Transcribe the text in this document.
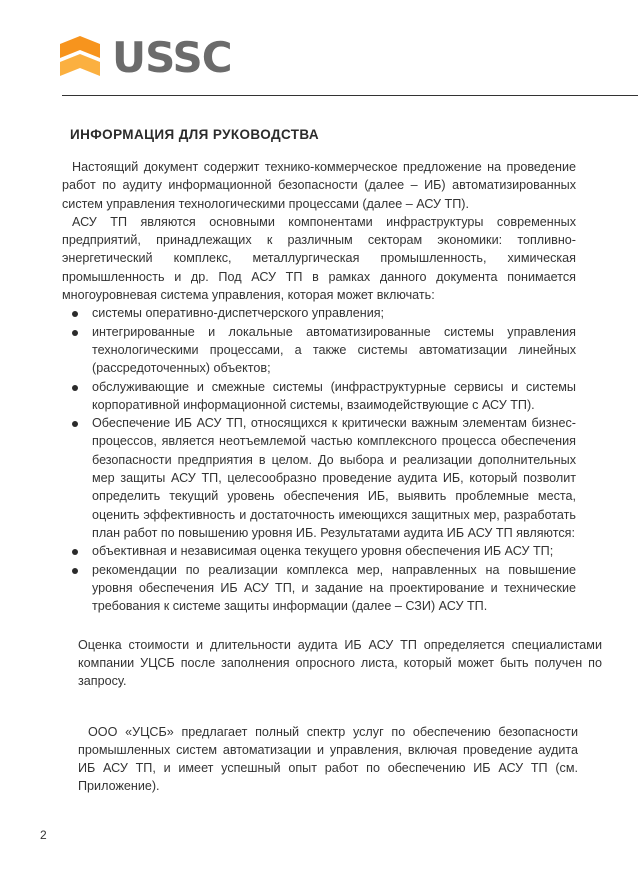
USSC
ИНФОРМАЦИЯ ДЛЯ РУКОВОДСТВА

Настоящий документ содержит технико-коммерческое предложение на проведение работ по аудиту информационной безопасности (далее – ИБ) автоматизированных систем управления технологическими процессами (далее – АСУ ТП).

АСУ ТП являются основными компонентами инфраструктуры современных предприятий, принадлежащих к различным секторам экономики: топливно-энергетический комплекс, металлургическая промышленность, химическая промышленность и др. Под АСУ ТП в рамках данного документа понимается многоуровневая система управления, которая может включать:

системы оперативно-диспетчерского управления;
интегрированные и локальные автоматизированные системы управления технологическими процессами, а также системы автоматизации линейных (рассредоточенных) объектов;
обслуживающие и смежные системы (инфраструктурные сервисы и системы корпоративной информационной системы, взаимодействующие с АСУ ТП).
Обеспечение ИБ АСУ ТП, относящихся к критически важным элементам бизнес-процессов, является неотъемлемой частью комплексного процесса обеспечения безопасности предприятия в целом. До выбора и реализации дополнительных мер защиты АСУ ТП, целесообразно проведение аудита ИБ, который позволит определить текущий уровень обеспечения ИБ, выявить проблемные места, оценить эффективность и достаточность имеющихся защитных мер, разработать план работ по повышению уровня ИБ. Результатами аудита ИБ АСУ ТП являются:
объективная и независимая оценка текущего уровня обеспечения ИБ АСУ ТП;
рекомендации по реализации комплекса мер, направленных на повышение уровня обеспечения ИБ АСУ ТП, и задание на проектирование и технические требования к системе защиты информации (далее – СЗИ) АСУ ТП.

Оценка стоимости и длительности аудита ИБ АСУ ТП определяется специалистами компании УЦСБ после заполнения опросного листа, который может быть получен по запросу.

ООО «УЦСБ» предлагает полный спектр услуг по обеспечению безопасности промышленных систем автоматизации и управления, включая проведение аудита ИБ АСУ ТП, и имеет успешный опыт работ по обеспечению ИБ АСУ ТП (см. Приложение).

2
